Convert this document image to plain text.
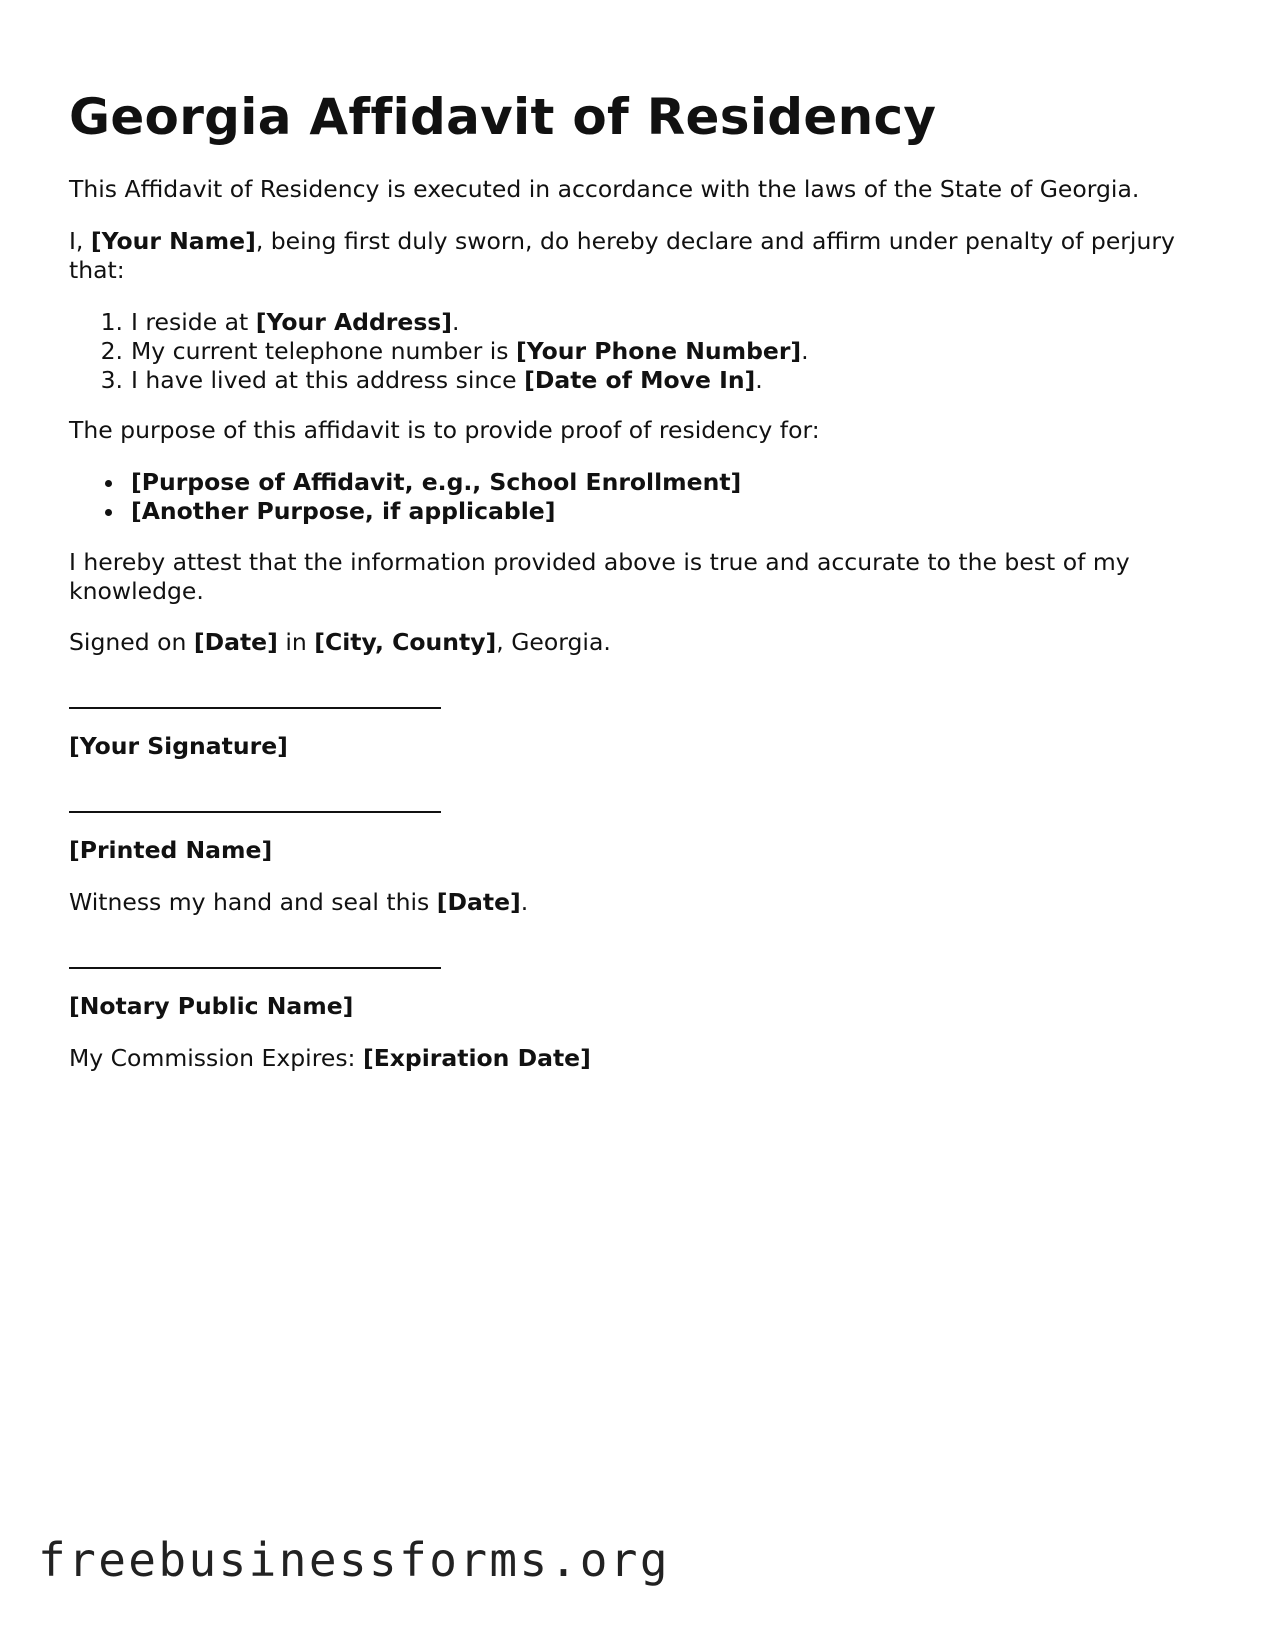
Georgia Affidavit of Residency

This Affidavit of Residency is executed in accordance with the laws of the State of Georgia.

I, [Your Name], being first duly sworn, do hereby declare and affirm under penalty of perjury that:

1. I reside at [Your Address].
2. My current telephone number is [Your Phone Number].
3. I have lived at this address since [Date of Move In].

The purpose of this affidavit is to provide proof of residency for:

[Purpose of Affidavit, e.g., School Enrollment]
[Another Purpose, if applicable]

I hereby attest that the information provided above is true and accurate to the best of my knowledge.

Signed on [Date] in [City, County], Georgia.

[Your Signature]

[Printed Name]

Witness my hand and seal this [Date].

[Notary Public Name]

My Commission Expires: [Expiration Date]

freebusinessforms.org
